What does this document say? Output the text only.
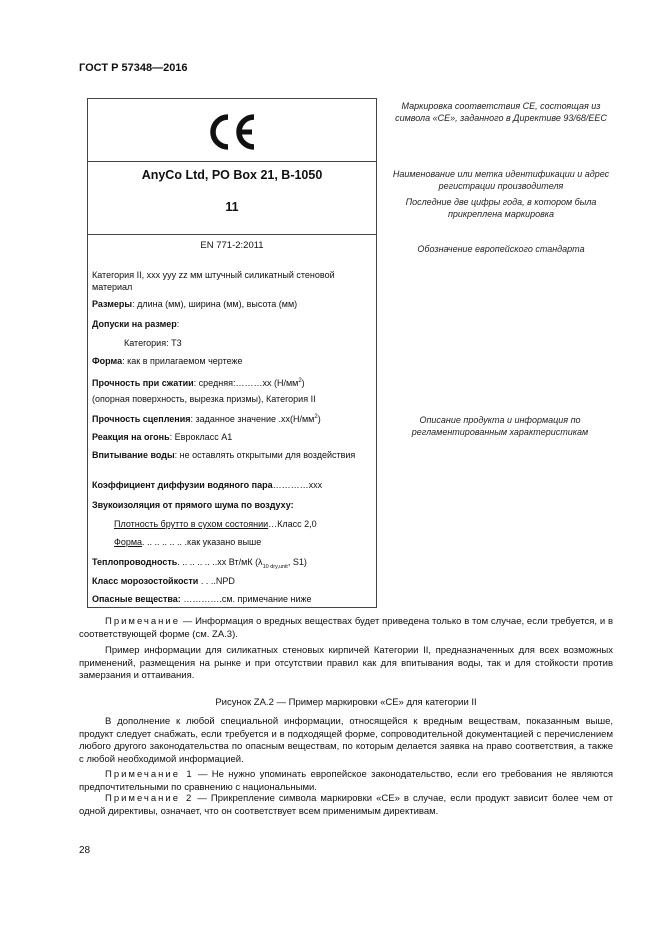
ГОСТ Р 57348—2016
AnyCo Ltd, PO Box 21, B-1050
11
EN 771-2:2011
Категория II, xxx yyy zz мм штучный силикатный стеновой материал
Размеры: длина (мм), ширина (мм), высота (мм)
Допуски на размер:
Категория: Т3
Форма: как в прилагаемом чертеже
Прочность при сжатии: средняя:………xx $(Н/мм^2)$
(опорная поверхность, вырезка призмы), Категория II
Прочность сцепления: заданное значение $.xx(Н/мм^2)$
Реакция на огонь: Еврокласс А1
Впитывание воды: не оставлять открытыми для воздействия
Коэффициент диффузии водяного пара…………xxx
Звукоизоляция от прямого шума по воздуху:
Плотность брутто в сухом состоянии…Класс 2,0
Форма. .. .. .. .. .. .как указано выше
Теплопроводность. .. .. .. .. ..xx Вт/мК ($\lambda_{10 dry,unit}$, S1)
Класс морозостойкости . . ..NPD
Опасные вещества: ………….см. примечание ниже
Маркировка соответствия СЕ, состоящая из символа «СЕ», заданного в Директиве 93/68/ЕЕС
Наименование или метка идентификации и адрес регистрации производителя
Последние две цифры года, в котором была прикреплена маркировка
Обозначение европейского стандарта
Описание продукта и информация по регламентированным характеристикам
Примечание — Информация о вредных веществах будет приведена только в том случае, если требуется, и в соответствующей форме (см. ZA.3).
Пример информации для силикатных стеновых кирпичей Категории II, предназначенных для всех возможных применений, размещения на рынке и при отсутствии правил как для впитывания воды, так и для стойкости против замерзания и оттаивания.
Рисунок ZA.2 — Пример маркировки «СЕ» для категории II
В дополнение к любой специальной информации, относящейся к вредным веществам, показанным выше, продукт следует снабжать, если требуется и в подходящей форме, сопроводительной документацией с перечислением любого другого законодательства по опасным веществам, по которым делается заявка на право соответствия, а также с любой необходимой информацией.
Примечание 1 — Не нужно упоминать европейское законодательство, если его требования не являются предпочтительными по сравнению с национальными.
Примечание 2 — Прикрепление символа маркировки «СЕ» в случае, если продукт зависит более чем от одной директивы, означает, что он соответствует всем применимым директивам.
28
